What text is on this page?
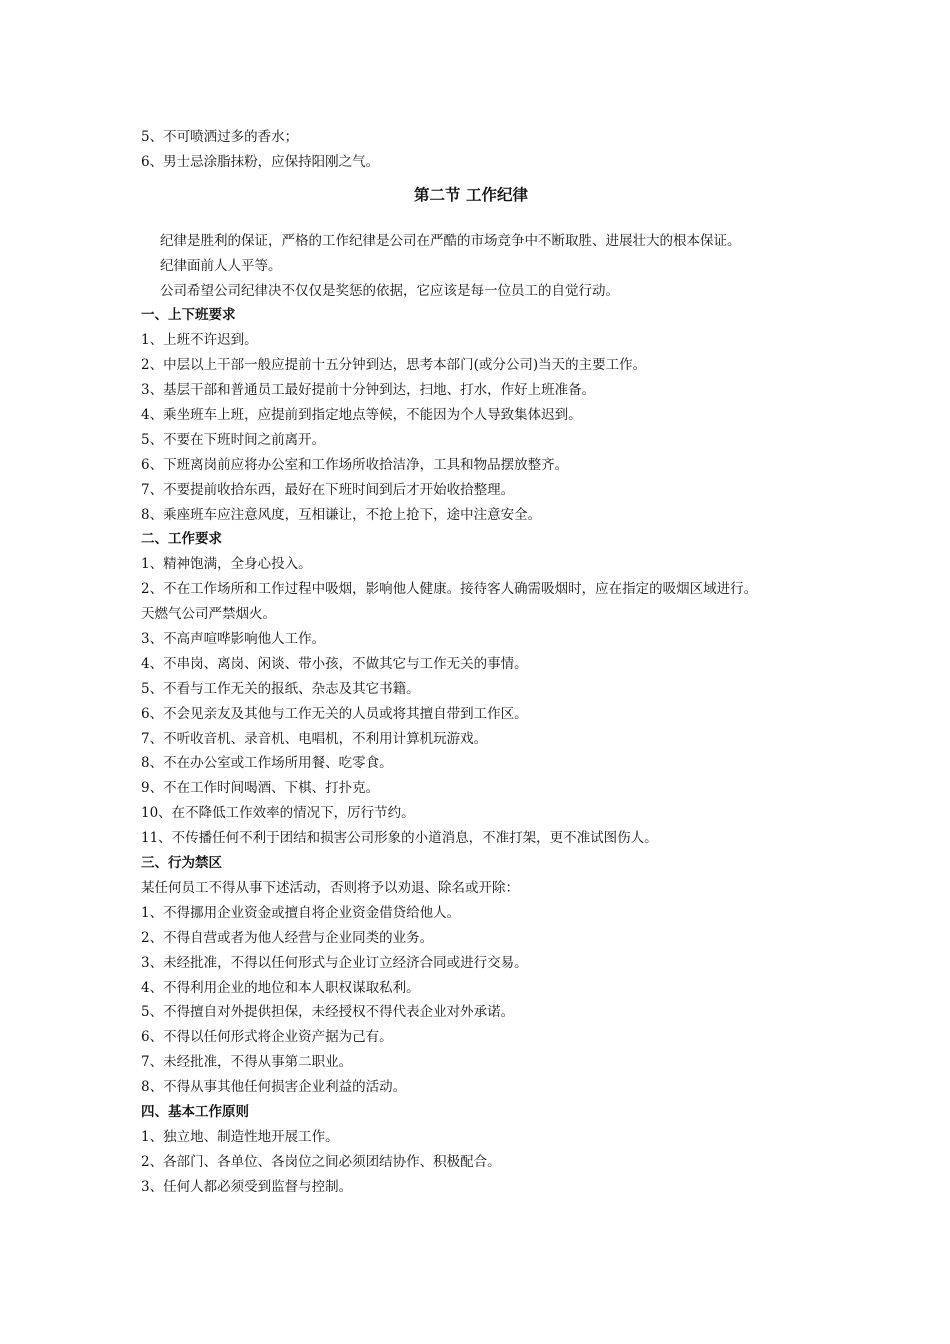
5、不可喷洒过多的香水；
6、男士忌涂脂抹粉，应保持阳刚之气。
第二节 工作纪律
纪律是胜利的保证，严格的工作纪律是公司在严酷的市场竞争中不断取胜、进展壮大的根本保证。
纪律面前人人平等。
公司希望公司纪律决不仅仅是奖惩的依据，它应该是每一位员工的自觉行动。
一、上下班要求
1、上班不许迟到。
2、中层以上干部一般应提前十五分钟到达，思考本部门(或分公司)当天的主要工作。
3、基层干部和普通员工最好提前十分钟到达，扫地、打水，作好上班准备。
4、乘坐班车上班，应提前到指定地点等候，不能因为个人导致集体迟到。
5、不要在下班时间之前离开。
6、下班离岗前应将办公室和工作场所收拾洁净，工具和物品摆放整齐。
7、不要提前收拾东西，最好在下班时间到后才开始收拾整理。
8、乘座班车应注意风度，互相谦让，不抢上抢下，途中注意安全。
二、工作要求
1、精神饱满，全身心投入。
2、不在工作场所和工作过程中吸烟，影响他人健康。接待客人确需吸烟时，应在指定的吸烟区域进行。
天燃气公司严禁烟火。
3、不高声喧哗影响他人工作。
4、不串岗、离岗、闲谈、带小孩，不做其它与工作无关的事情。
5、不看与工作无关的报纸、杂志及其它书籍。
6、不会见亲友及其他与工作无关的人员或将其擅自带到工作区。
7、不听收音机、录音机、电唱机，不利用计算机玩游戏。
8、不在办公室或工作场所用餐、吃零食。
9、不在工作时间喝酒、下棋、打扑克。
10、在不降低工作效率的情况下，厉行节约。
11、不传播任何不利于团结和损害公司形象的小道消息，不准打架，更不准试图伤人。
三、行为禁区
某任何员工不得从事下述活动，否则将予以劝退、除名或开除：
1、不得挪用企业资金或擅自将企业资金借贷给他人。
2、不得自营或者为他人经营与企业同类的业务。
3、未经批准，不得以任何形式与企业订立经济合同或进行交易。
4、不得利用企业的地位和本人职权谋取私利。
5、不得擅自对外提供担保，未经授权不得代表企业对外承诺。
6、不得以任何形式将企业资产据为己有。
7、未经批准，不得从事第二职业。
8、不得从事其他任何损害企业利益的活动。
四、基本工作原则
1、独立地、制造性地开展工作。
2、各部门、各单位、各岗位之间必须团结协作、积极配合。
3、任何人都必须受到监督与控制。
